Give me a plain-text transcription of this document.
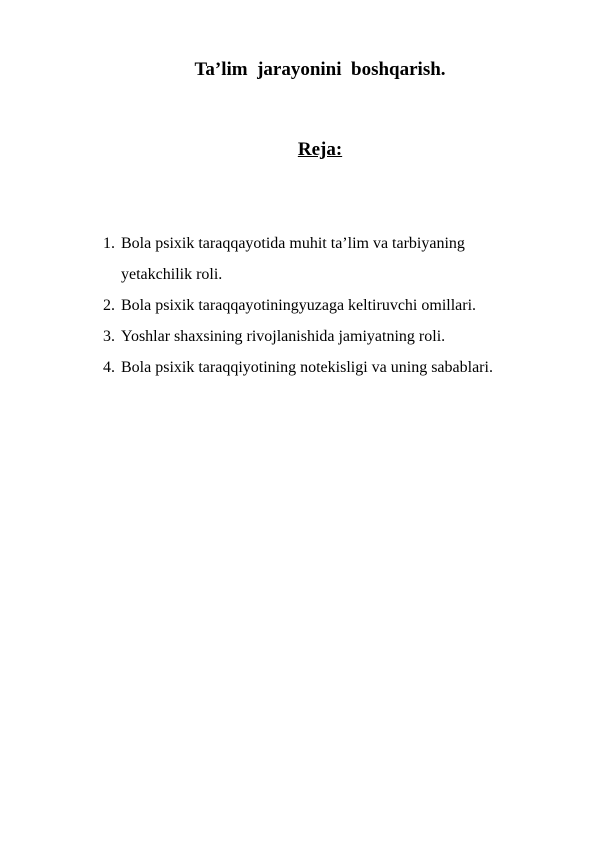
Ta’lim  jarayonini  boshqarish.
Reja:
1. Bola psixik taraqqayotida muhit ta’lim va tarbiyaning yetakchilik roli.
2. Bola psixik taraqqayotiningyuzaga keltiruvchi omillari.
3. Yoshlar shaxsining rivojlanishida jamiyatning roli.
4. Bola psixik taraqqiyotining notekisligi va uning sabablari.
